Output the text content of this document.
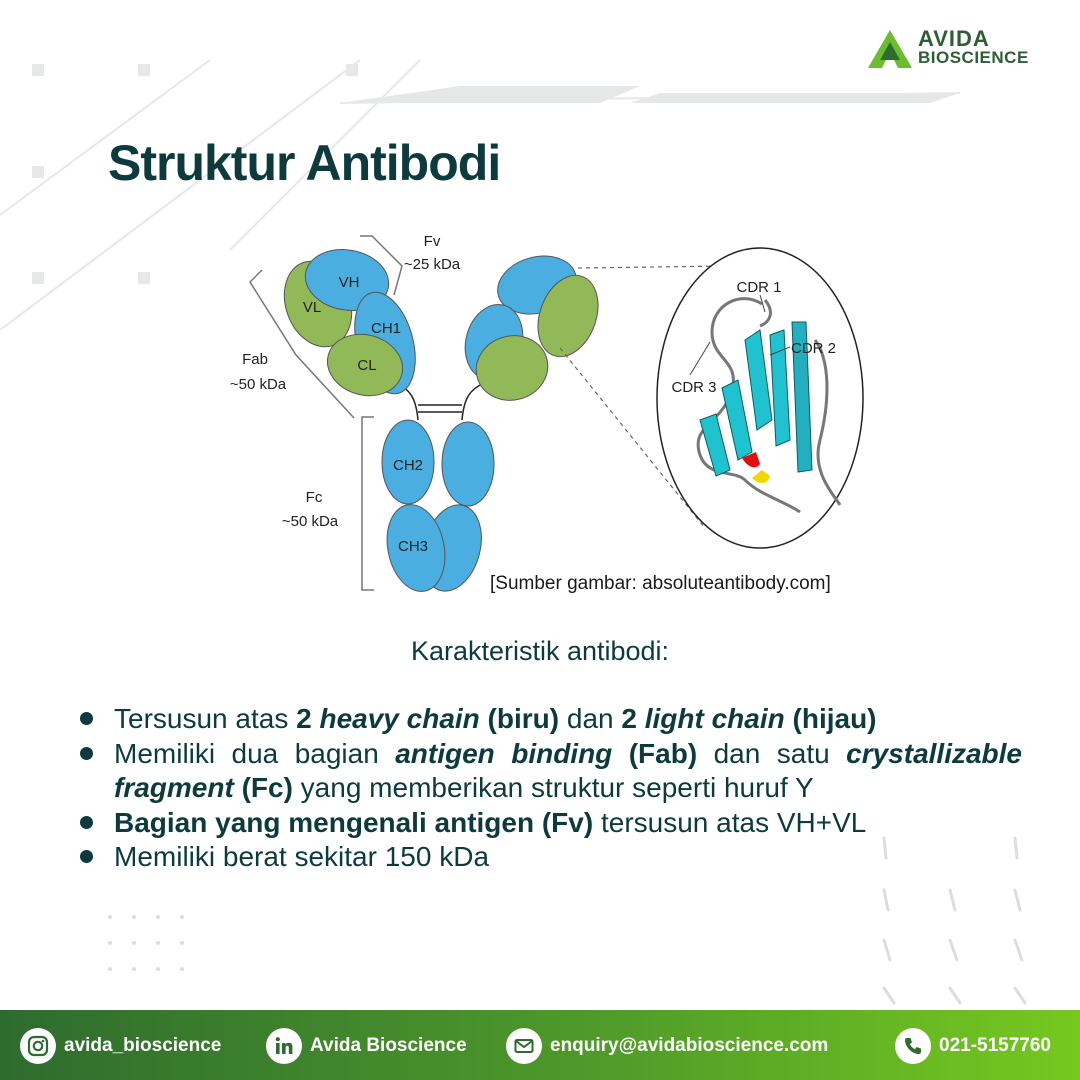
AVIDA
BIOSCIENCE
Struktur Antibodi
VH
VL
CH1
CL
CH2
CH3
Fv
~25 kDa
Fab
~50 kDa
Fc
~50 kDa
CDR 1
CDR 2
CDR 3
[Sumber gambar: absoluteantibody.com]
Karakteristik antibodi:
Tersusun atas 2 heavy chain (biru) dan 2 light chain (hijau)
Memiliki dua bagian antigen binding (Fab) dan satu crystallizable fragment (Fc) yang memberikan struktur seperti huruf Y
Bagian yang mengenali antigen (Fv) tersusun atas VH+VL
Memiliki berat sekitar 150 kDa
avida_bioscience	Avida Bioscience	enquiry@avidabioscience.com	021-5157760
